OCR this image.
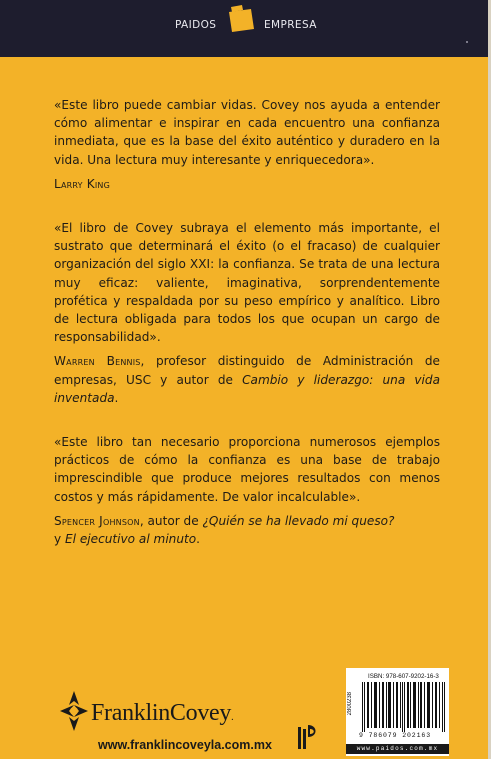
PAIDOS	EMPRESA

«Este libro puede cambiar vidas. Covey nos ayuda a entender cómo alimentar e inspirar en cada encuentro una confianza inmediata, que es la base del éxito auténtico y duradero en la vida. Una lectura muy interesante y enriquecedora».

Larry King

«El libro de Covey subraya el elemento más importante, el sustrato que determinará el éxito (o el fracaso) de cualquier organización del siglo XXI: la confianza. Se trata de una lectura muy eficaz: valiente, imaginativa, sorprendentemente profética y respaldada por su peso empírico y analítico. Libro de lectura obligada para todos los que ocupan un cargo de responsabilidad».

Warren Bennis, profesor distinguido de Administración de empresas, USC y autor de Cambio y liderazgo: una vida inventada.

«Este libro tan necesario proporciona numerosos ejemplos prácticos de cómo la confianza es una base de trabajo imprescindible que produce mejores resultados con menos costos y más rápidamente. De valor incalculable».

Spencer Johnson, autor de ¿Quién se ha llevado mi queso?
y El ejecutivo al minuto.

FranklinCovey.
www.franklincoveyla.com.mx
ISBN: 978-607-9202-16-3
2800238
9 786079 202163
www.paidos.com.mx
